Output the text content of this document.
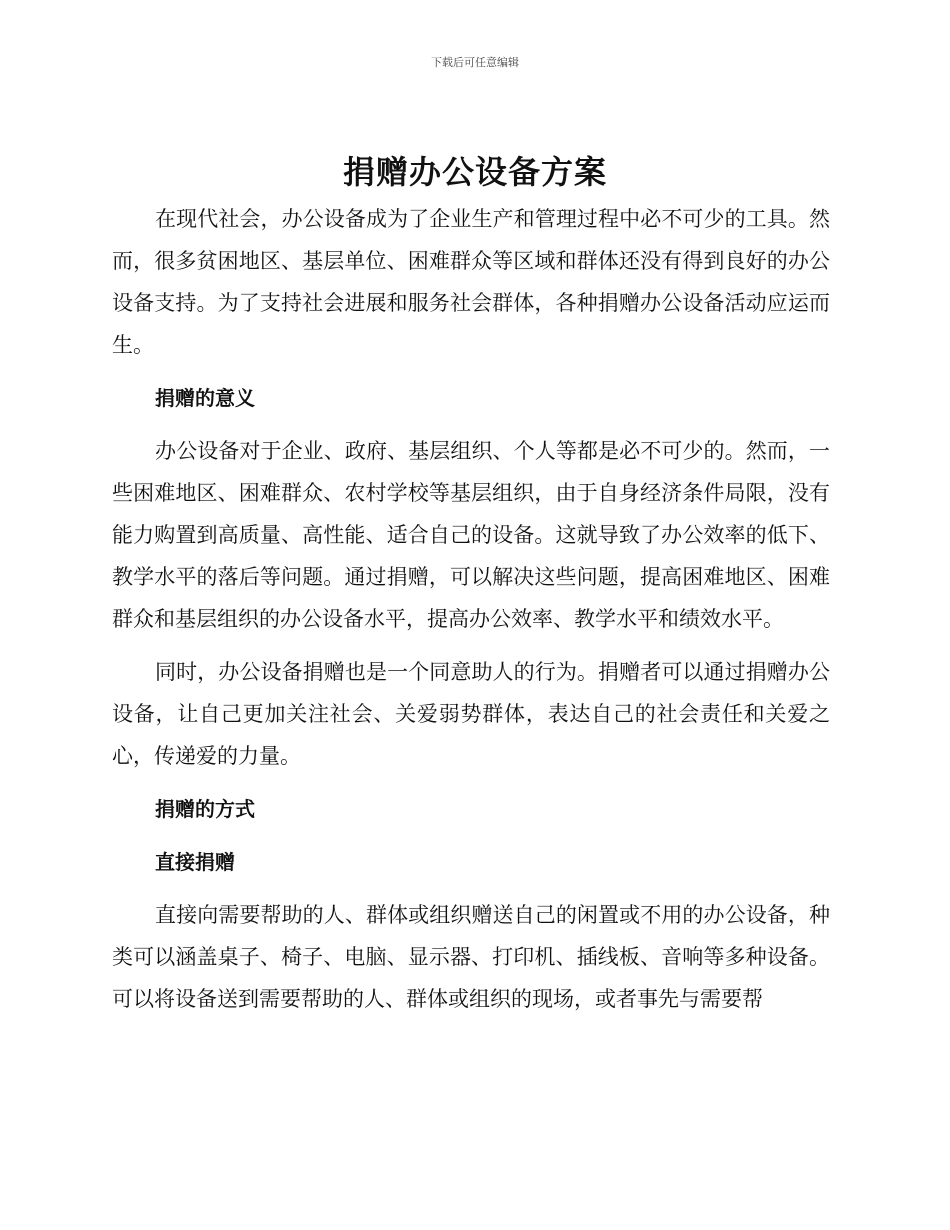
下载后可任意编辑
捐赠办公设备方案

在现代社会，办公设备成为了企业生产和管理过程中必不可少的工具。然而，很多贫困地区、基层单位、困难群众等区域和群体还没有得到良好的办公设备支持。为了支持社会进展和服务社会群体，各种捐赠办公设备活动应运而生。

捐赠的意义

办公设备对于企业、政府、基层组织、个人等都是必不可少的。然而，一些困难地区、困难群众、农村学校等基层组织，由于自身经济条件局限，没有能力购置到高质量、高性能、适合自己的设备。这就导致了办公效率的低下、教学水平的落后等问题。通过捐赠，可以解决这些问题，提高困难地区、困难群众和基层组织的办公设备水平，提高办公效率、教学水平和绩效水平。

同时，办公设备捐赠也是一个同意助人的行为。捐赠者可以通过捐赠办公设备，让自己更加关注社会、关爱弱势群体，表达自己的社会责任和关爱之心，传递爱的力量。

捐赠的方式
直接捐赠

直接向需要帮助的人、群体或组织赠送自己的闲置或不用的办公设备，种类可以涵盖桌子、椅子、电脑、显示器、打印机、插线板、音响等多种设备。可以将设备送到需要帮助的人、群体或组织的现场，或者事先与需要帮
